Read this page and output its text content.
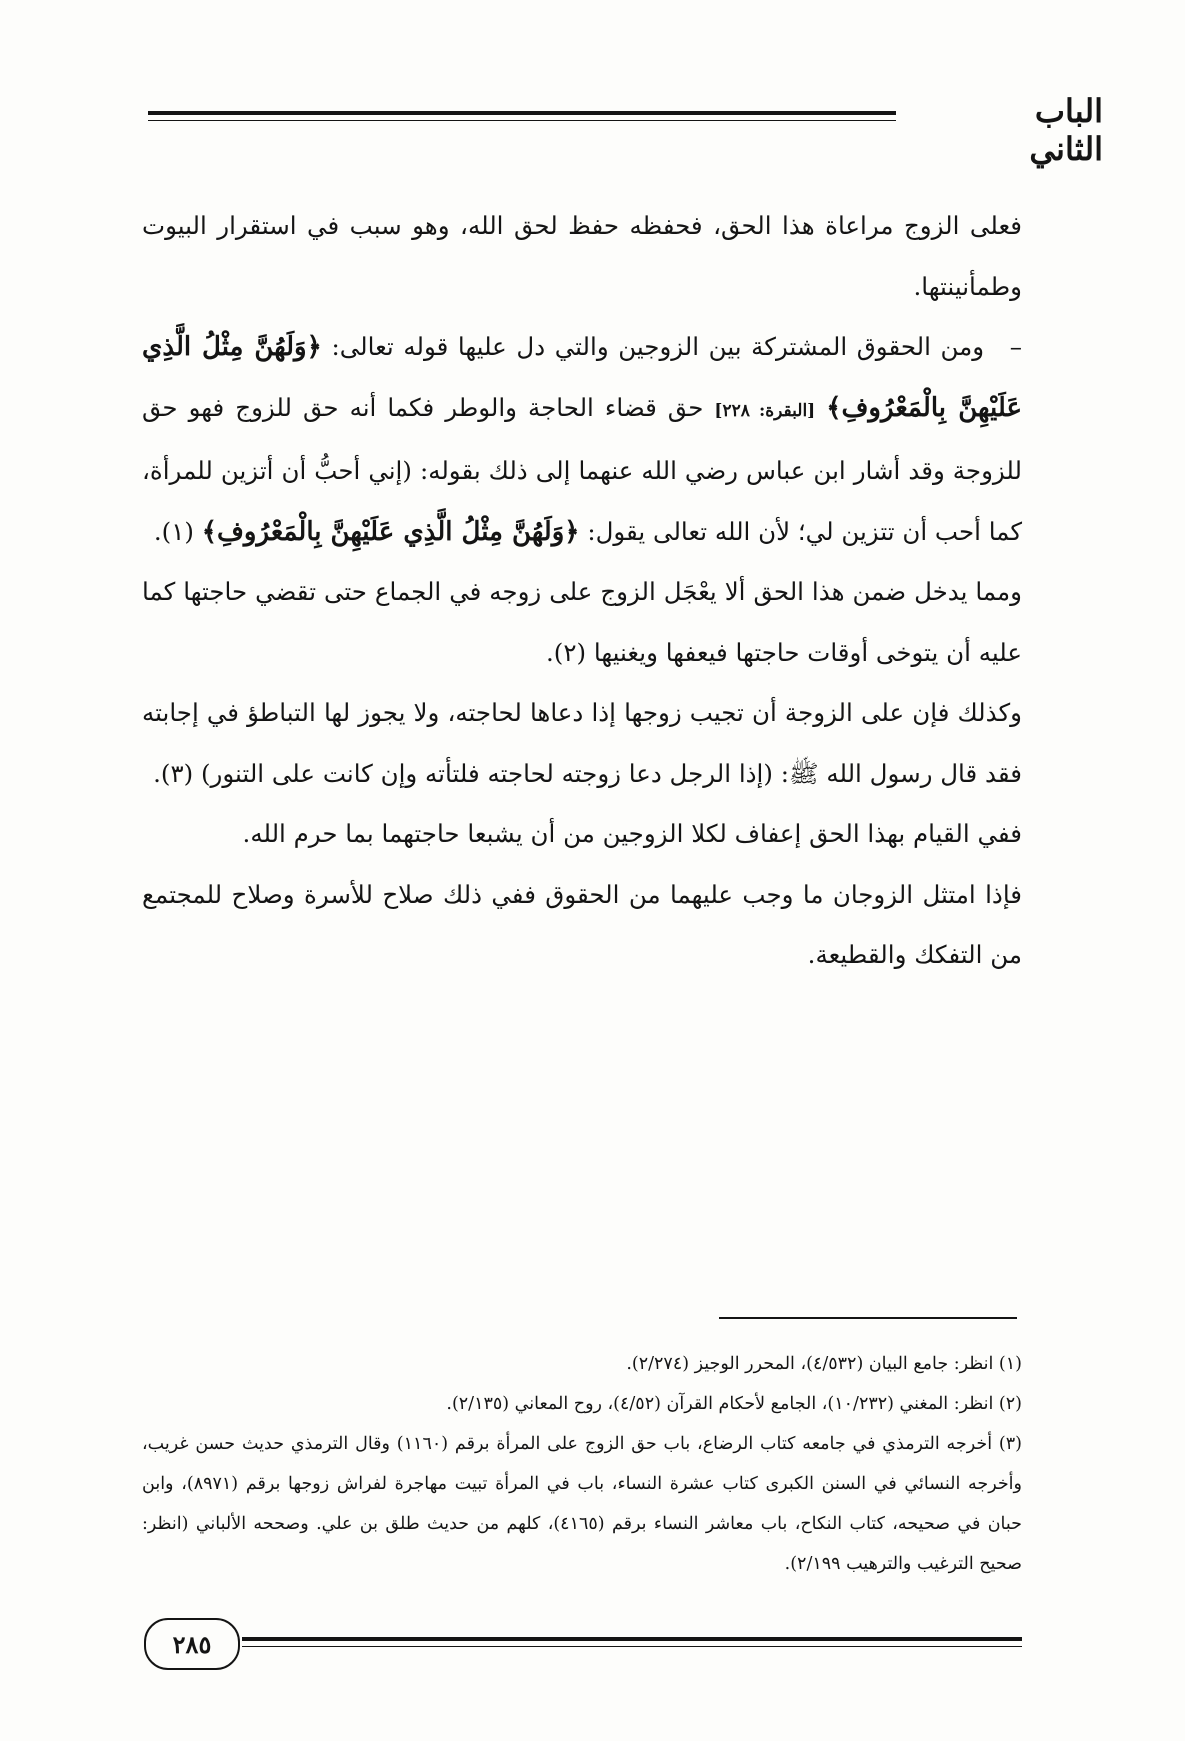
الباب الثاني

فعلى الزوج مراعاة هذا الحق، فحفظه حفظ لحق الله، وهو سبب في استقرار البيوت وطمأنينتها.

– ومن الحقوق المشتركة بين الزوجين والتي دل عليها قوله تعالى: ﴿وَلَهُنَّ مِثْلُ الَّذِي عَلَيْهِنَّ بِالْمَعْرُوفِ﴾ [البقرة: ٢٢٨] حق قضاء الحاجة والوطر فكما أنه حق للزوج فهو حق للزوجة وقد أشار ابن عباس رضي الله عنهما إلى ذلك بقوله: (إني أحبُّ أن أتزين للمرأة، كما أحب أن تتزين لي؛ لأن الله تعالى يقول: ﴿وَلَهُنَّ مِثْلُ الَّذِي عَلَيْهِنَّ بِالْمَعْرُوفِ﴾ (١).

ومما يدخل ضمن هذا الحق ألا يعْجَل الزوج على زوجه في الجماع حتى تقضي حاجتها كما عليه أن يتوخى أوقات حاجتها فيعفها ويغنيها (٢).

وكذلك فإن على الزوجة أن تجيب زوجها إذا دعاها لحاجته، ولا يجوز لها التباطؤ في إجابته فقد قال رسول الله ﷺ: (إذا الرجل دعا زوجته لحاجته فلتأته وإن كانت على التنور) (٣).

ففي القيام بهذا الحق إعفاف لكلا الزوجين من أن يشبعا حاجتهما بما حرم الله.

فإذا امتثل الزوجان ما وجب عليهما من الحقوق ففي ذلك صلاح للأسرة وصلاح للمجتمع من التفكك والقطيعة.

(١) انظر: جامع البيان (٤/٥٣٢)، المحرر الوجيز (٢/٢٧٤).

(٢) انظر: المغني (١٠/٢٣٢)، الجامع لأحكام القرآن (٤/٥٢)، روح المعاني (٢/١٣٥).

(٣) أخرجه الترمذي في جامعه كتاب الرضاع، باب حق الزوج على المرأة برقم (١١٦٠) وقال الترمذي حديث حسن غريب، وأخرجه النسائي في السنن الكبرى كتاب عشرة النساء، باب في المرأة تبيت مهاجرة لفراش زوجها برقم (٨٩٧١)، وابن حبان في صحيحه، كتاب النكاح، باب معاشر النساء برقم (٤١٦٥)، كلهم من حديث طلق بن علي. وصححه الألباني (انظر: صحيح الترغيب والترهيب ٢/١٩٩).

٢٨٥
